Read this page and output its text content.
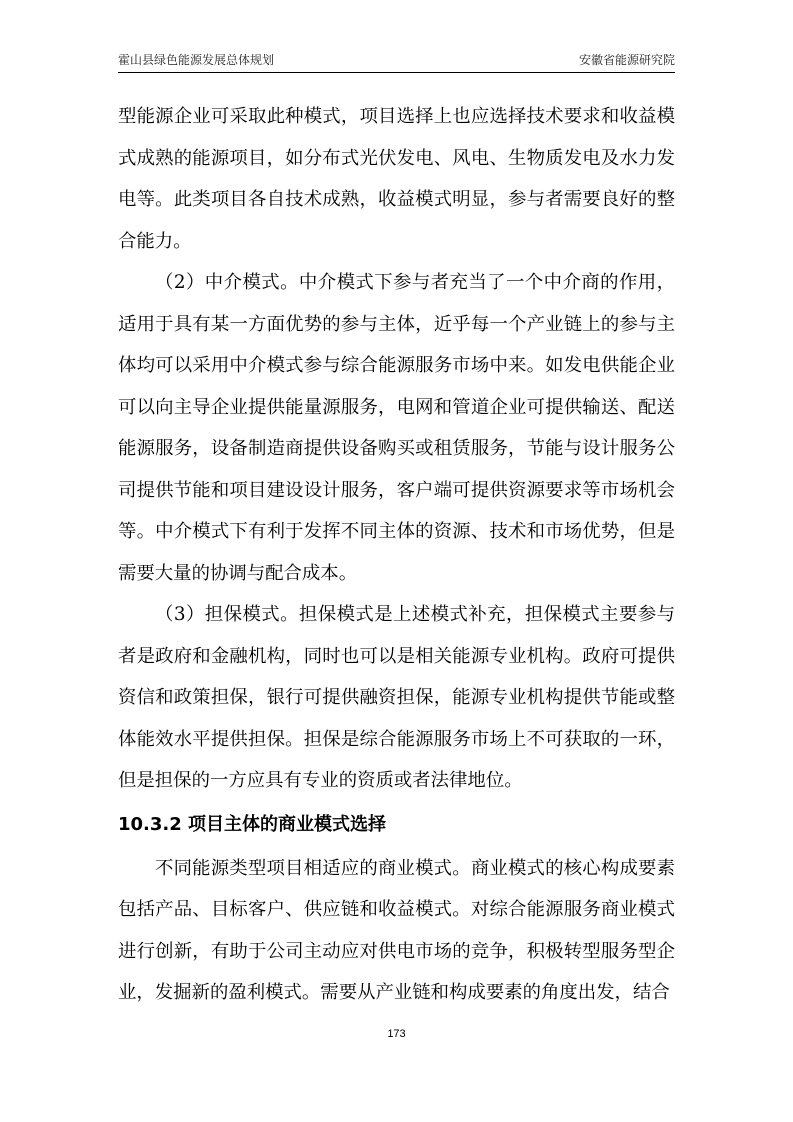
霍山县绿色能源发展总体规划	安徽省能源研究院

型能源企业可采取此种模式，项目选择上也应选择技术要求和收益模式成熟的能源项目，如分布式光伏发电、风电、生物质发电及水力发电等。此类项目各自技术成熟，收益模式明显，参与者需要良好的整合能力。

（2）中介模式。中介模式下参与者充当了一个中介商的作用，适用于具有某一方面优势的参与主体，近乎每一个产业链上的参与主体均可以采用中介模式参与综合能源服务市场中来。如发电供能企业可以向主导企业提供能量源服务，电网和管道企业可提供输送、配送能源服务，设备制造商提供设备购买或租赁服务，节能与设计服务公司提供节能和项目建设设计服务，客户端可提供资源要求等市场机会等。中介模式下有利于发挥不同主体的资源、技术和市场优势，但是需要大量的协调与配合成本。

（3）担保模式。担保模式是上述模式补充，担保模式主要参与者是政府和金融机构，同时也可以是相关能源专业机构。政府可提供资信和政策担保，银行可提供融资担保，能源专业机构提供节能或整体能效水平提供担保。担保是综合能源服务市场上不可获取的一环，但是担保的一方应具有专业的资质或者法律地位。

10.3.2 项目主体的商业模式选择

不同能源类型项目相适应的商业模式。商业模式的核心构成要素包括产品、目标客户、供应链和收益模式。对综合能源服务商业模式进行创新，有助于公司主动应对供电市场的竞争，积极转型服务型企业，发掘新的盈利模式。需要从产业链和构成要素的角度出发，结合

173
